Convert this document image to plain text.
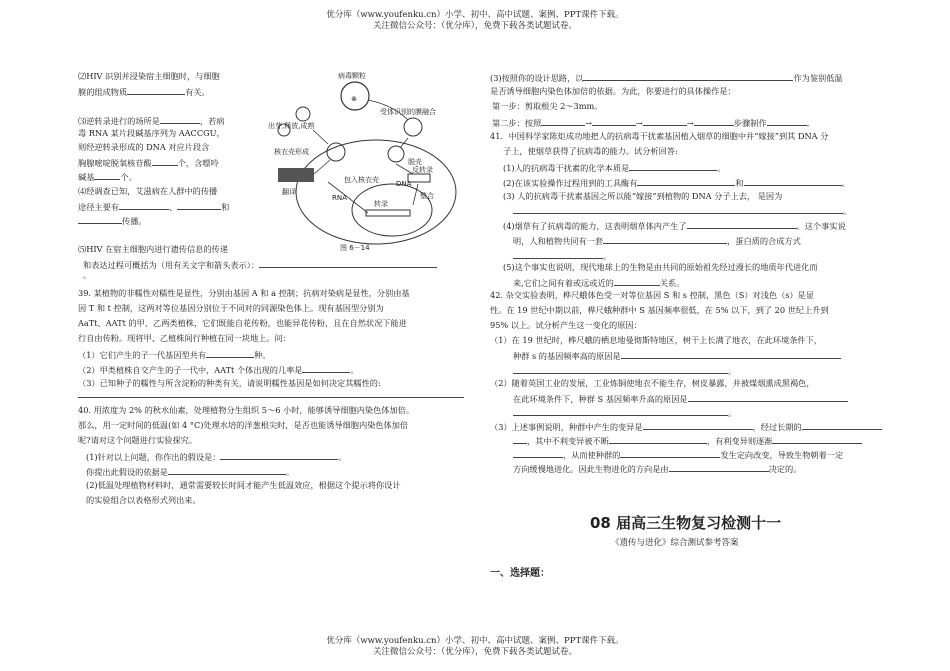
优分库（www.youfenku.cn）小学、初中、高中试题、案例、PPT课件下载。
关注微信公众号：（优分库），免费下载各类试题试卷。
⑵HIV 识别并浸染宿主细胞时，与细胞
膜的组成物质	有关。
⑶逆转录进行的场所是	，若病
毒 RNA 某片段碱基序列为 AACCGU，
则经逆转录形成的 DNA 对应片段含
胸腺嘧啶脱氧核苷酸	个，含嘌呤
碱基	个。
⑷经调查已知，艾滋病在人群中的传播
途径主要有	、	和
传播。
⑸HIV 在宿主细胞内进行遗传信息的传递
和表达过程可概括为（用有关文字和箭头表示）：
。
⊗
病毒颗粒
受体识别的膜融合
出芽,释放,成熟
核衣壳形成
翻译
包入核衣壳
脱壳
反转录
转录
整合
RNA
DNA
图 6－14
39. 某植物的非糯性对糯性是显性，分别由基因 A 和 a 控制；抗病对染病是显性，分别由基
因 T 和 t 控制，这两对等位基因分别位于不同对的同源染色体上。现有基因型分别为
AaTt、AATt 的甲、乙两类植株，它们既能自花传粉，也能异花传粉，且在自然状况下能进
行自由传粉。现将甲、乙植株间行种植在同一块地上。问：
（1）它们产生的子一代基因型共有	种。
（2）甲类植株自交产生的子一代中，AATt 个体出现的几率是	。
（3）已知种子的糯性与所含淀粉的种类有关，请说明糯性基因是如何决定其糯性的:
40. 用浓度为 2% 的秋水仙素，处理植物分生组织 5～6 小时，能够诱导细胞内染色体加倍。
那么，用一定时间的低温(如 4 °C)处理水培的洋葱根尖时，是否也能诱导细胞内染色体加倍
呢?请对这个问题进行实验探究。
(1)针对以上问题，你作出的假设是：	。
你提出此假设的依据是	。
(2)低温处理植物材料时，通常需要较长时间才能产生低温效应，根据这个提示将你设计
的实验组合以表格形式列出来。
(3)按照你的设计思路，以	作为鉴别低温
是否诱导细胞内染色体加倍的依据。为此，你要进行的具体操作是：
第一步：剪取根尖 2～3mm。
第二步：按照	→	→	→	步骤制作	。
41．中国科学家陈炬成功地把人的抗病毒干扰素基因植入烟草的细胞中并“嫁接”到其 DNA 分
子上，使烟草获得了抗病毒的能力。试分析回答:
(1)人的抗病毒干扰素的化学本质是	。
(2)在该实验操作过程用到的工具酶有	和	。
(3) 人的抗病毒干扰素基因之所以能“嫁接”到植物的 DNA 分子上去， 是因为
。
(4)烟草有了抗病毒的能力，这表明烟草体内产生了	。这个事实说
明，人和植物共同有一套	，蛋白质的合成方式
。
(5)这个事实也说明，现代地球上的生物是由共同的原始祖先经过漫长的地质年代进化而
来,它们之间有着或远或近的	关系。
42. 杂交实验表明，桦尺蛾体色受一对等位基因 S 和 s 控制，黑色（S）对浅色（s）是显
性。在 19 世纪中期以前，桦尺蛾种群中 S 基因频率很低，在 5% 以下，到了 20 世纪上升到
95% 以上。试分析产生这一变化的原因：
（1）在 19 世纪时，桦尺蛾的栖息地曼彻斯特地区，树干上长满了地衣，在此环境条件下，
种群 s 的基因频率高的原因是
。
（2）随着英国工业的发展，工业炼铜使地衣不能生存，树皮暴露，并被煤烟熏成黑褐色，
在此环境条件下，种群 S 基因频率升高的原因是
。
（3）上述事例说明，种群中产生的变异是	，经过长期的
，其中不利变异被不断	，有利变异则逐渐
，从而使种群的	发生定向改变，导致生物朝着一定
方向缓慢地进化。因此生物进化的方向是由	决定的。
08 届高三生物复习检测十一
《遗传与进化》综合测试参考答案
一、选择题：
优分库（www.youfenku.cn）小学、初中、高中试题、案例、PPT课件下载。
关注微信公众号：（优分库），免费下载各类试题试卷。
